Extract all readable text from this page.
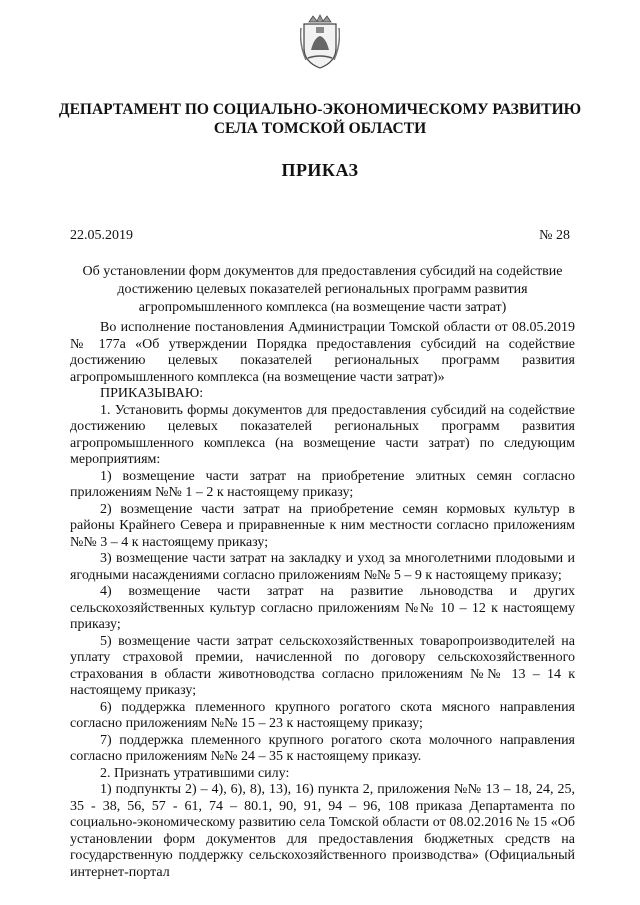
ДЕПАРТАМЕНТ ПО СОЦИАЛЬНО-ЭКОНОМИЧЕСКОМУ РАЗВИТИЮ СЕЛА ТОМСКОЙ ОБЛАСТИ
ПРИКАЗ
22.05.2019	№ 28

Об установлении форм документов для предоставления субсидий на содействие достижению целевых показателей региональных программ развития агропромышленного комплекса (на возмещение части затрат)

Во исполнение постановления Администрации Томской области от 08.05.2019 № 177а «Об утверждении Порядка предоставления субсидий на содействие достижению целевых показателей региональных программ развития агропромышленного комплекса (на возмещение части затрат)»

ПРИКАЗЫВАЮ:

1. Установить формы документов для предоставления субсидий на содействие достижению целевых показателей региональных программ развития агропромышленного комплекса (на возмещение части затрат) по следующим мероприятиям:

1) возмещение части затрат на приобретение элитных семян согласно приложениям №№ 1 – 2 к настоящему приказу;

2) возмещение части затрат на приобретение семян кормовых культур в районы Крайнего Севера и приравненные к ним местности согласно приложениям №№ 3 – 4 к настоящему приказу;

3) возмещение части затрат на закладку и уход за многолетними плодовыми и ягодными насаждениями согласно приложениям №№ 5 – 9 к настоящему приказу;

4) возмещение части затрат на развитие льноводства и других сельскохозяйственных культур согласно приложениям №№ 10 – 12 к настоящему приказу;

5) возмещение части затрат сельскохозяйственных товаропроизводителей на уплату страховой премии, начисленной по договору сельскохозяйственного страхования в области животноводства согласно приложениям №№ 13 – 14 к настоящему приказу;

6) поддержка племенного крупного рогатого скота мясного направления согласно приложениям №№ 15 – 23 к настоящему приказу;

7) поддержка племенного крупного рогатого скота молочного направления согласно приложениям №№ 24 – 35 к настоящему приказу.

2. Признать утратившими силу:

1) подпункты 2) – 4), 6), 8), 13), 16) пункта 2, приложения №№ 13 – 18, 24, 25, 35 - 38, 56, 57 - 61, 74 – 80.1, 90, 91, 94 – 96, 108 приказа Департамента по социально-экономическому развитию села Томской области от 08.02.2016 № 15 «Об установлении форм документов для предоставления бюджетных средств на государственную поддержку сельскохозяйственного производства» (Официальный интернет-портал
